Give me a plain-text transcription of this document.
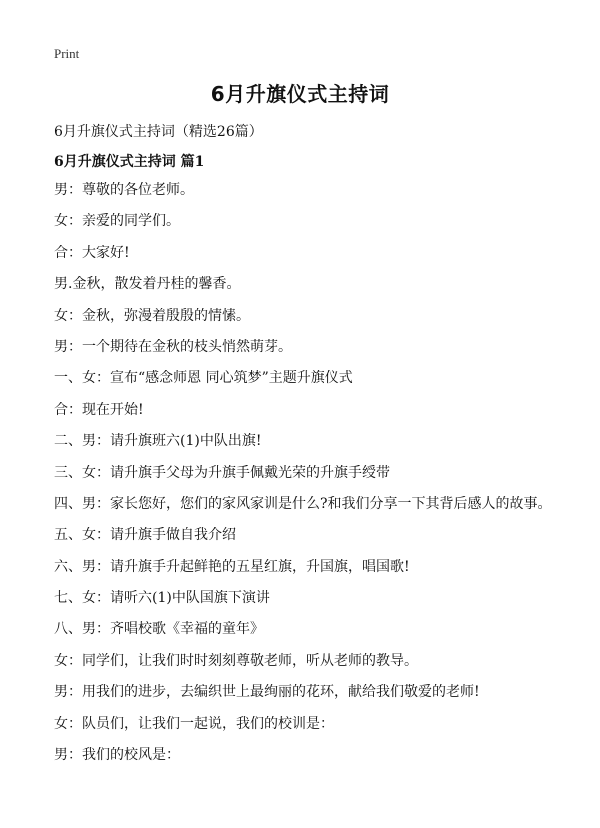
Print
6月升旗仪式主持词
6月升旗仪式主持词（精选26篇）
6月升旗仪式主持词 篇1
男：尊敬的各位老师。
女：亲爱的同学们。
合：大家好!
男.金秋，散发着丹桂的馨香。
女：金秋，弥漫着殷殷的情愫。
男：一个期待在金秋的枝头悄然萌芽。
一、女：宣布“感念师恩 同心筑梦”主题升旗仪式
合：现在开始!
二、男：请升旗班六(1)中队出旗!
三、女：请升旗手父母为升旗手佩戴光荣的升旗手绶带
四、男：家长您好，您们的家风家训是什么?和我们分享一下其背后感人的故事。
五、女：请升旗手做自我介绍
六、男：请升旗手升起鲜艳的五星红旗，升国旗，唱国歌!
七、女：请听六(1)中队国旗下演讲
八、男：齐唱校歌《幸福的童年》
女：同学们，让我们时时刻刻尊敬老师，听从老师的教导。
男：用我们的进步，去编织世上最绚丽的花环，献给我们敬爱的老师!
女：队员们，让我们一起说，我们的校训是：
男：我们的校风是：
